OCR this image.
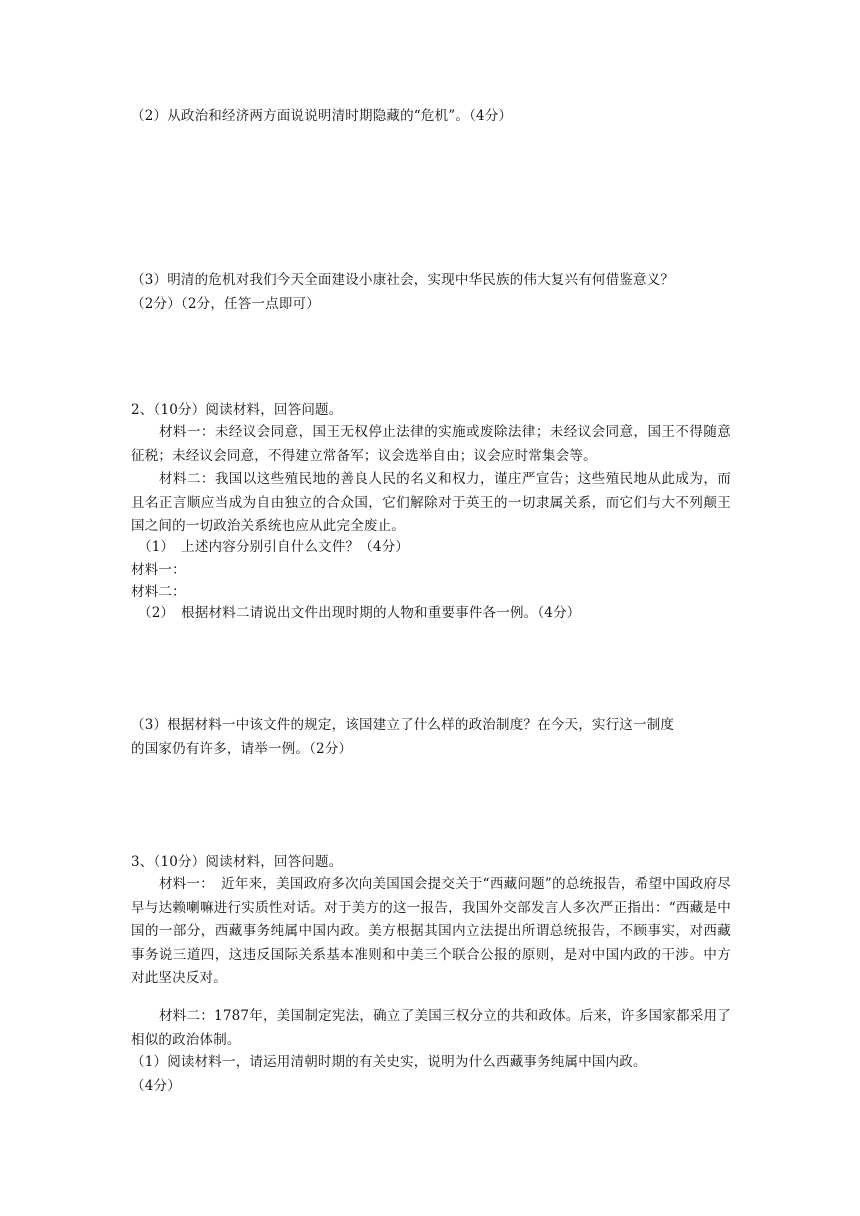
（2）从政治和经济两方面说说明清时期隐藏的“危机”。（4分）
（3）明清的危机对我们今天全面建设小康社会，实现中华民族的伟大复兴有何借鉴意义？
（2分）（2分，任答一点即可）
2、（10分）阅读材料，回答问题。
材料一：未经议会同意，国王无权停止法律的实施或废除法律；未经议会同意，国王不得随意征税；未经议会同意，不得建立常备军；议会选举自由；议会应时常集会等。
材料二：我国以这些殖民地的善良人民的名义和权力，谨庄严宣告；这些殖民地从此成为，而且名正言顺应当成为自由独立的合众国，它们解除对于英王的一切隶属关系，而它们与大不列颠王国之间的一切政治关系统也应从此完全废止。
（1）　上述内容分别引自什么文件？（4分）
材料一：
材料二：
（2）　根据材料二请说出文件出现时期的人物和重要事件各一例。（4分）
（3）根据材料一中该文件的规定，该国建立了什么样的政治制度？在今天，实行这一制度
的国家仍有许多，请举一例。（2分）
3、（10分）阅读材料，回答问题。
材料一：　近年来，美国政府多次向美国国会提交关于“西藏问题”的总统报告，希望中国政府尽早与达赖喇嘛进行实质性对话。对于美方的这一报告，我国外交部发言人多次严正指出：“西藏是中国的一部分，西藏事务纯属中国内政。美方根据其国内立法提出所谓总统报告，不顾事实，对西藏事务说三道四，这违反国际关系基本准则和中美三个联合公报的原则，是对中国内政的干涉。中方对此坚决反对。
材料二：1787年，美国制定宪法，确立了美国三权分立的共和政体。后来，许多国家都采用了相似的政治体制。
（1）阅读材料一，请运用清朝时期的有关史实，说明为什么西藏事务纯属中国内政。
（4分）
